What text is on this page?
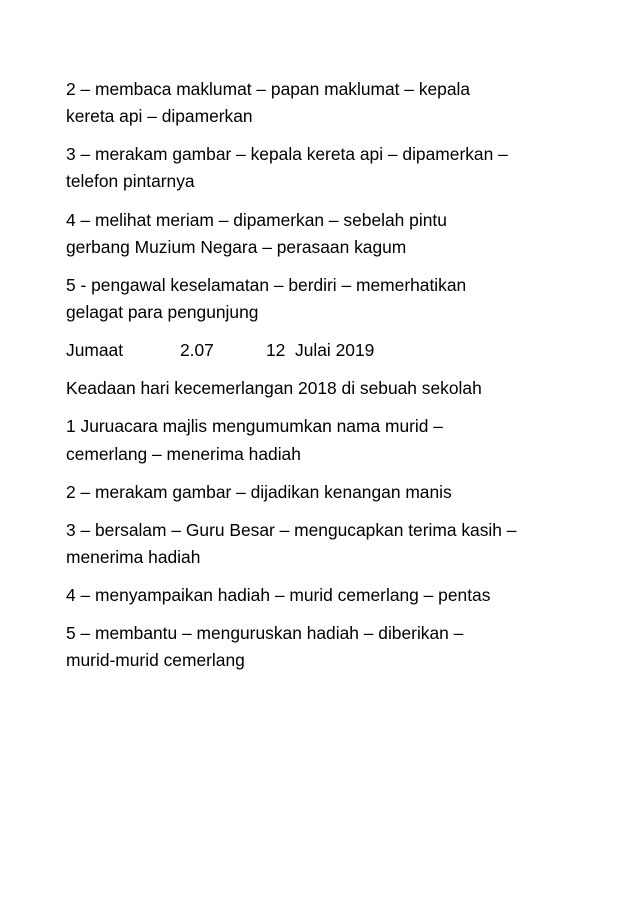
2 – membaca maklumat – papan maklumat – kepala
kereta api – dipamerkan

3 – merakam gambar – kepala kereta api – dipamerkan –
telefon pintarnya

4 – melihat meriam – dipamerkan – sebelah pintu
gerbang Muzium Negara – perasaan kagum

5 - pengawal keselamatan – berdiri – memerhatikan
gelagat para pengunjung

Jumaat	2.07	12  Julai 2019

Keadaan hari kecemerlangan 2018 di sebuah sekolah

1 Juruacara majlis mengumumkan nama murid –
cemerlang – menerima hadiah

2 – merakam gambar – dijadikan kenangan manis

3 – bersalam – Guru Besar – mengucapkan terima kasih –
menerima hadiah

4 – menyampaikan hadiah – murid cemerlang – pentas

5 – membantu – menguruskan hadiah – diberikan –
murid-murid cemerlang
